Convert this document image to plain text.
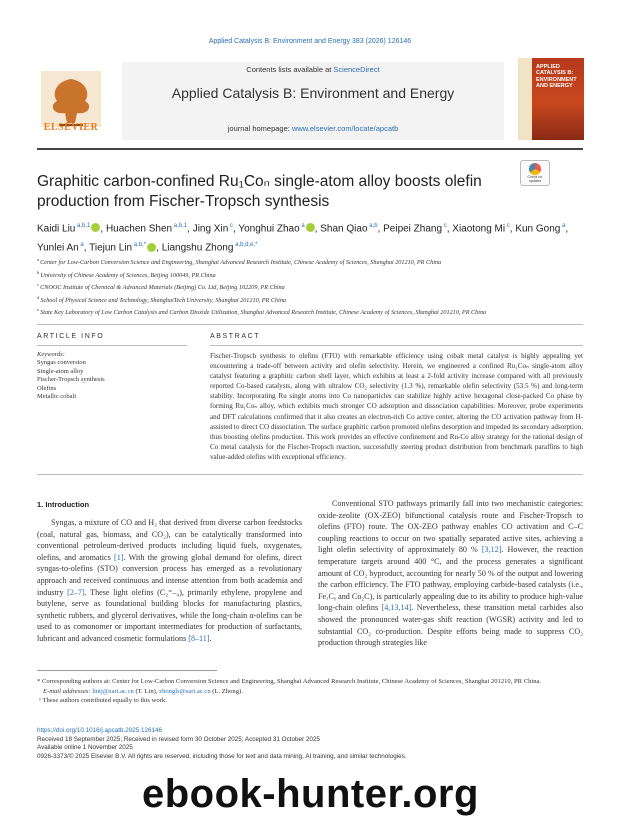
Applied Catalysis B: Environment and Energy 383 (2026) 126146
ELSEVIER
Contents lists available at ScienceDirect
Applied Catalysis B: Environment and Energy
journal homepage: www.elsevier.com/locate/apcatb
APPLIED CATALYSIS B: ENVIRONMENT AND ENERGY
Check for updates
Graphitic carbon-confined Ru₁Coₙ single-atom alloy boosts olefin production from Fischer-Tropsch synthesis
Kaidi Liu $^{a,b,1}$ , Huachen Shen $^{a,b,1}$, Jing Xin $^c$, Yonghui Zhao $^a$ , Shan Qiao $^{a,b}$, Peipei Zhang $^c$, Xiaotong Mi $^c$, Kun Gong $^a$, Yunlei An $^a$, Tiejun Lin $^{a,b,*}$ , Liangshu Zhong $^{a,b,d,e,*}$
$^a$ Center for Low-Carbon Conversion Science and Engineering, Shanghai Advanced Research Institute, Chinese Academy of Sciences, Shanghai 201210, PR China
$^b$ University of Chinese Academy of Sciences, Beijing 100049, PR China
$^c$ CNOOC Institute of Chemical & Advanced Materials (Beijing) Co. Ltd, Beijing 102209, PR China
$^d$ School of Physical Science and Technology, ShanghaiTech University, Shanghai 201210, PR China
$^e$ State Key Laboratory of Low Carbon Catalysis and Carbon Dioxide Utilization, Shanghai Advanced Research Institute, Chinese Academy of Sciences, Shanghai 201210, PR China
ARTICLE INFO	ABSTRACT
Keywords:
Syngas conversion
Single-atom alloy
Fischer-Tropsch synthesis
Olefins
Metallic cobalt
Fischer-Tropsch synthesis to olefins (FTO) with remarkable efficiency using cobalt metal catalyst is highly appealing yet encountering a trade-off between activity and olefin selectivity. Herein, we engineered a confined Ru₁Coₙ single-atom alloy catalyst featuring a graphitic carbon shell layer, which exhibits at least a 2-fold activity increase compared with all previously reported Co-based catalysts, along with ultralow CO₂ selectivity (1.3 %), remarkable olefin selectivity (53.5 %) and long-term stability. Incorporating Ru single atoms into Co nanoparticles can stabilize highly active hexagonal close-packed Co phase by forming Ru₁Coₙ alloy, which exhibits much stronger CO adsorption and dissociation capabilities. Moreover, probe experiments and DFT calculations confirmed that it also creates an electron-rich Co active center, altering the CO activation pathway from H-assisted to direct CO dissociation. The surface graphitic carbon promoted olefins desorption and impeded its secondary adsorption, thus boosting olefins production. This work provides an effective confinement and Ru-Co alloy strategy for the rational design of Co metal catalysts for the Fischer-Tropsch reaction, successfully steering product distribution from benchmark paraffins to high value-added olefins with exceptional efficiency.
1. Introduction
Syngas, a mixture of CO and H₂ that derived from diverse carbon feedstocks (coal, natural gas, biomass, and CO₂), can be catalytically transformed into conventional petroleum-derived products including liquid fuels, oxygenates, olefins, and aromatics [1]. With the growing global demand for olefins, direct syngas-to-olefins (STO) conversion process has emerged as a revolutionary approach and received continuous and intense attention from both academia and industry [2–7]. These light olefins (C₂⁼–₄), primarily ethylene, propylene and butylene, serve as foundational building blocks for manufacturing plastics, synthetic rubbers, and glycerol derivatives, while the long-chain α-olefins can be used to as comonomer or important intermediates for production of surfactants, lubricant and advanced cosmetic formulations [8–11].
Conventional STO pathways primarily fall into two mechanistic categories: oxide-zeolite (OX-ZEO) bifunctional catalysis route and Fischer-Tropsch to olefins (FTO) route. The OX-ZEO pathway enables CO activation and C–C coupling reactions to occur on two spatially separated active sites, achieving a light olefin selectivity of approximately 80 % [3,12]. However, the reaction temperature targets around 400 °C, and the process generates a significant amount of CO₂ byproduct, accounting for nearly 50 % of the output and lowering the carbon efficiency. The FTO pathway, employing carbide-based catalysts (i.e., FeₓCᵧ and Co₂C), is particularly appealing due to its ability to produce high-value long-chain olefins [4,13,14]. Nevertheless, these transition metal carbides also showed the pronounced water-gas shift reaction (WGSR) activity and led to substantial CO₂ co-production. Despite efforts being made to suppress CO₂ production through strategies like
* Corresponding authors at: Center for Low-Carbon Conversion Science and Engineering, Shanghai Advanced Research Institute, Chinese Academy of Sciences, Shanghai 201210, PR China.
E-mail addresses: lintj@sari.ac.cn (T. Lin), zhongls@sari.ac.cn (L. Zhong).
¹ These authors contributed equally to this work.
https://doi.org/10.1016/j.apcatb.2025.126146
Received 18 September 2025; Received in revised form 30 October 2025; Accepted 31 October 2025
Available online 1 November 2025
0926-3373/© 2025 Elsevier B.V. All rights are reserved, including those for text and data mining, AI training, and similar technologies.
ebook-hunter.org
